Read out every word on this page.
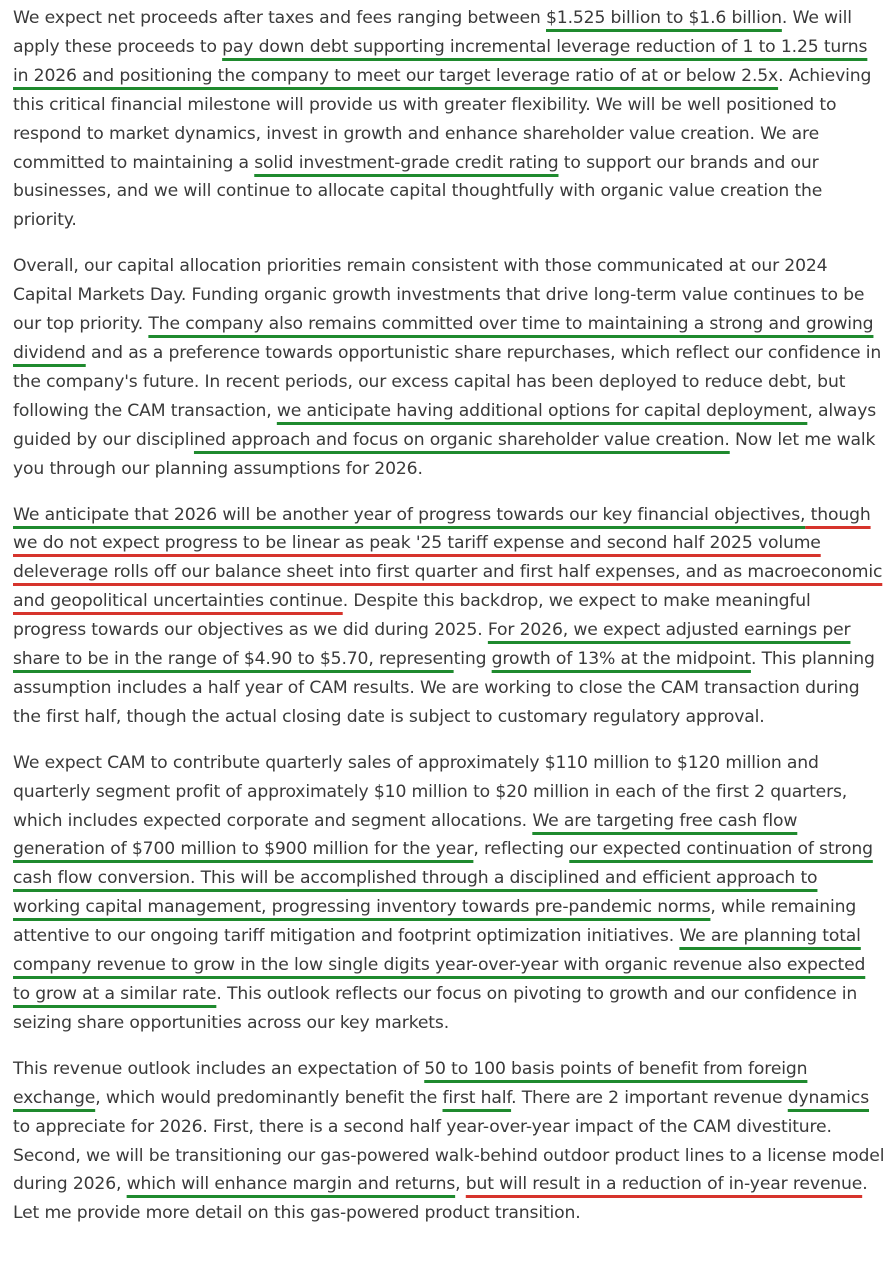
We expect net proceeds after taxes and fees ranging between $1.525 billion to $1.6 billion. We will apply these proceeds to pay down debt supporting incremental leverage reduction of 1 to 1.25 turns in 2026 and positioning the company to meet our target leverage ratio of at or below 2.5x. Achieving this critical financial milestone will provide us with greater flexibility. We will be well positioned to respond to market dynamics, invest in growth and enhance shareholder value creation. We are committed to maintaining a solid investment-grade credit rating to support our brands and our businesses, and we will continue to allocate capital thoughtfully with organic value creation the priority.

Overall, our capital allocation priorities remain consistent with those communicated at our 2024 Capital Markets Day. Funding organic growth investments that drive long-term value continues to be our top priority. The company also remains committed over time to maintaining a strong and growing dividend and as a preference towards opportunistic share repurchases, which reflect our confidence in the company's future. In recent periods, our excess capital has been deployed to reduce debt, but following the CAM transaction, we anticipate having additional options for capital deployment, always guided by our disciplined approach and focus on organic shareholder value creation. Now let me walk you through our planning assumptions for 2026.

We anticipate that 2026 will be another year of progress towards our key financial objectives, though we do not expect progress to be linear as peak '25 tariff expense and second half 2025 volume deleverage rolls off our balance sheet into first quarter and first half expenses, and as macroeconomic and geopolitical uncertainties continue. Despite this backdrop, we expect to make meaningful progress towards our objectives as we did during 2025. For 2026, we expect adjusted earnings per share to be in the range of $4.90 to $5.70, representing growth of 13% at the midpoint. This planning assumption includes a half year of CAM results. We are working to close the CAM transaction during the first half, though the actual closing date is subject to customary regulatory approval.

We expect CAM to contribute quarterly sales of approximately $110 million to $120 million and quarterly segment profit of approximately $10 million to $20 million in each of the first 2 quarters, which includes expected corporate and segment allocations. We are targeting free cash flow generation of $700 million to $900 million for the year, reflecting our expected continuation of strong cash flow conversion. This will be accomplished through a disciplined and efficient approach to working capital management, progressing inventory towards pre-pandemic norms, while remaining attentive to our ongoing tariff mitigation and footprint optimization initiatives. We are planning total company revenue to grow in the low single digits year-over-year with organic revenue also expected to grow at a similar rate. This outlook reflects our focus on pivoting to growth and our confidence in seizing share opportunities across our key markets.

This revenue outlook includes an expectation of 50 to 100 basis points of benefit from foreign exchange, which would predominantly benefit the first half. There are 2 important revenue dynamics to appreciate for 2026. First, there is a second half year-over-year impact of the CAM divestiture. Second, we will be transitioning our gas-powered walk-behind outdoor product lines to a license model during 2026, which will enhance margin and returns, but will result in a reduction of in-year revenue. Let me provide more detail on this gas-powered product transition.
